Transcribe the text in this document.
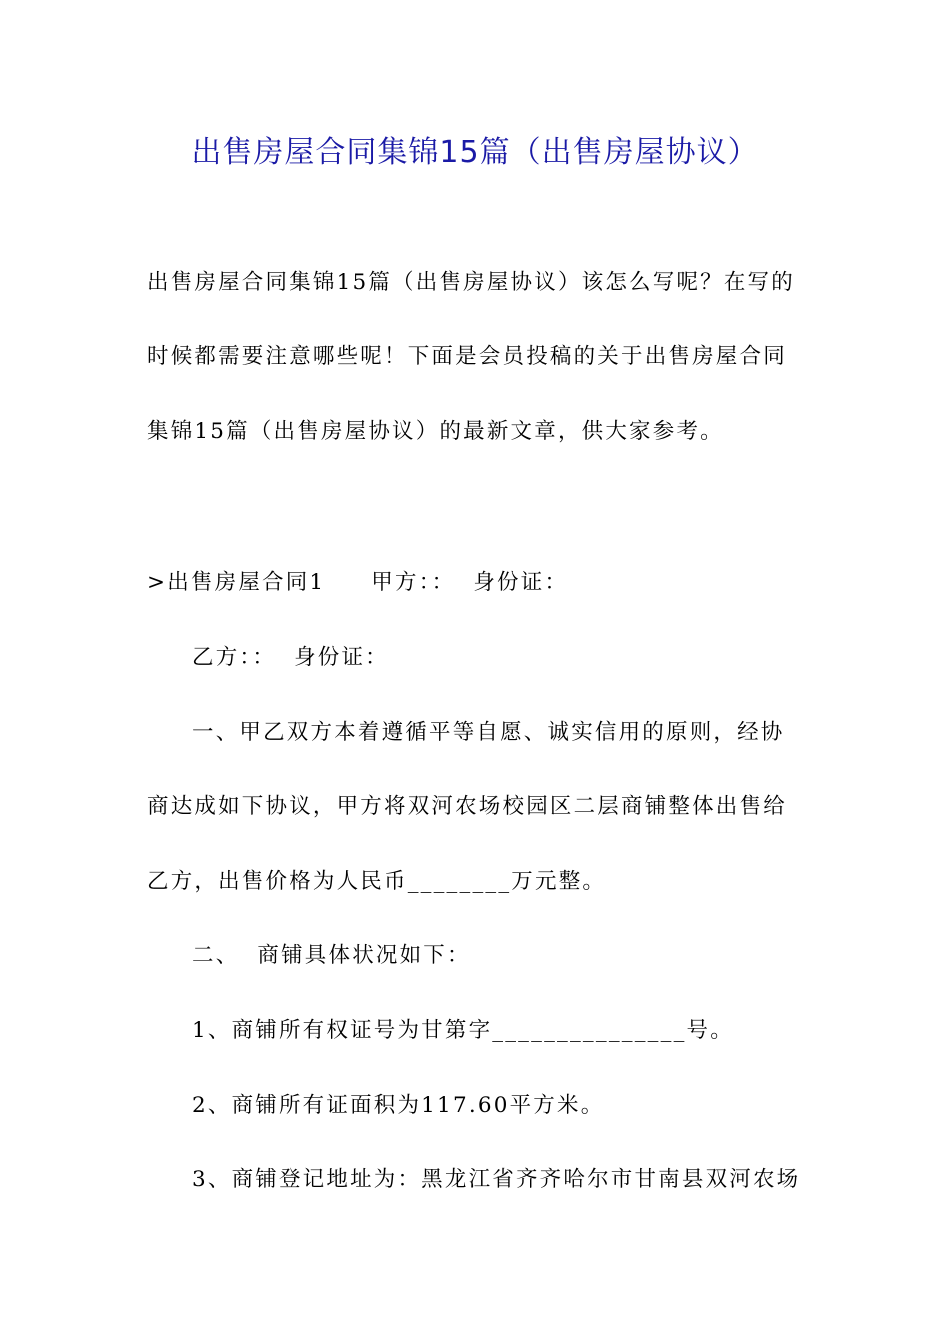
出售房屋合同集锦15篇（出售房屋协议）
出售房屋合同集锦15篇（出售房屋协议）该怎么写呢？在写的
时候都需要注意哪些呢！下面是会员投稿的关于出售房屋合同
集锦15篇（出售房屋协议）的最新文章，供大家参考。
>出售房屋合同1 甲方：： 身份证：
乙方：： 身份证：
一、甲乙双方本着遵循平等自愿、诚实信用的原则，经协
商达成如下协议，甲方将双河农场校园区二层商铺整体出售给
乙方，出售价格为人民币________万元整。
二、 商铺具体状况如下：
1、商铺所有权证号为甘第字_______________号。
2、商铺所有证面积为117.60平方米。
3、商铺登记地址为：黑龙江省齐齐哈尔市甘南县双河农场
